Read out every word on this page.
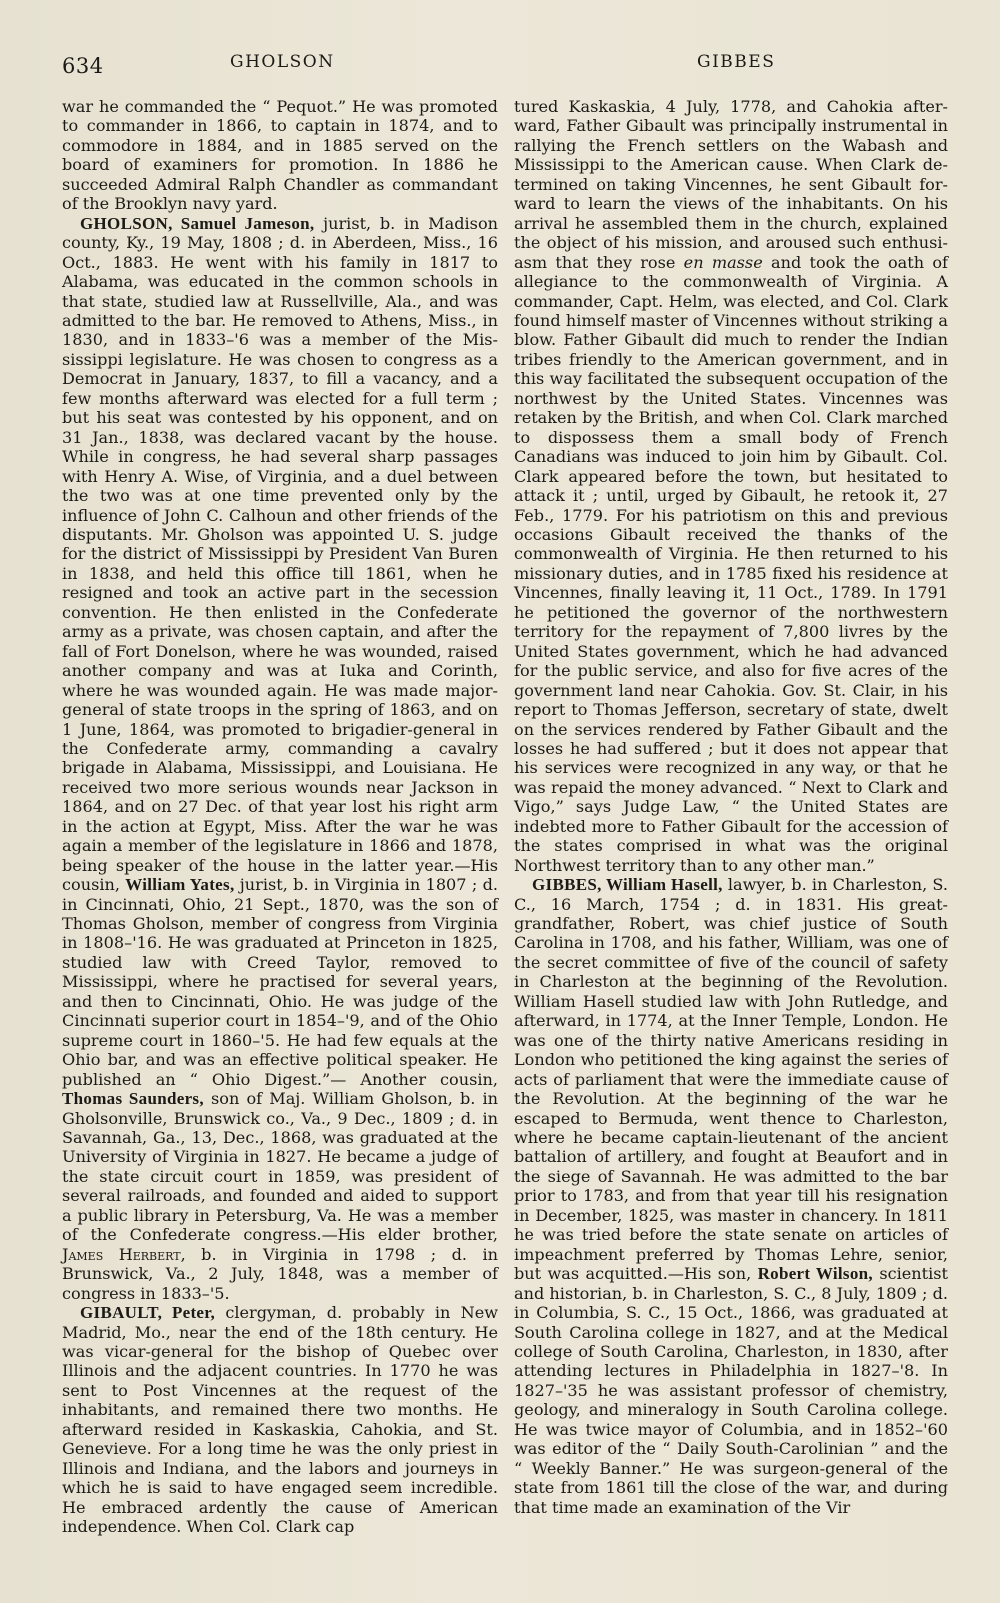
634	GHOLSON	GIBBES

war he commanded the “ Pequot.” He was promoted to commander in 1866, to captain in 1874, and to commodore in 1884, and in 1885 served on the board of examiners for promotion. In 1886 he succeeded Admiral Ralph Chandler as commandant of the Brooklyn navy yard.

GHOLSON, Samuel Jameson, jurist, b. in Madison county, Ky., 19 May, 1808 ; d. in Aberdeen, Miss., 16 Oct., 1883. He went with his family in 1817 to Alabama, was educated in the common schools in that state, studied law at Russellville, Ala., and was admitted to the bar. He removed to Athens, Miss., in 1830, and in 1833–'6 was a member of the Mississippi legislature. He was chosen to congress as a Democrat in January, 1837, to fill a vacancy, and a few months afterward was elected for a full term ; but his seat was contested by his opponent, and on 31 Jan., 1838, was declared vacant by the house. While in congress, he had several sharp passages with Henry A. Wise, of Virginia, and a duel between the two was at one time prevented only by the influence of John C. Calhoun and other friends of the disputants. Mr. Gholson was appointed U. S. judge for the district of Mississippi by President Van Buren in 1838, and held this office till 1861, when he resigned and took an active part in the secession convention. He then enlisted in the Confederate army as a private, was chosen captain, and after the fall of Fort Donelson, where he was wounded, raised another company and was at Iuka and Corinth, where he was wounded again. He was made major-general of state troops in the spring of 1863, and on 1 June, 1864, was promoted to brigadier-general in the Confederate army, commanding a cavalry brigade in Alabama, Mississippi, and Louisiana. He received two more serious wounds near Jackson in 1864, and on 27 Dec. of that year lost his right arm in the action at Egypt, Miss. After the war he was again a member of the legislature in 1866 and 1878, being speaker of the house in the latter year.—His cousin, William Yates, jurist, b. in Virginia in 1807 ; d. in Cincinnati, Ohio, 21 Sept., 1870, was the son of Thomas Gholson, member of congress from Virginia in 1808–'16. He was graduated at Princeton in 1825, studied law with Creed Taylor, removed to Mississippi, where he practised for several years, and then to Cincinnati, Ohio. He was judge of the Cincinnati superior court in 1854–'9, and of the Ohio supreme court in 1860–'5. He had few equals at the Ohio bar, and was an effective political speaker. He published an “ Ohio Digest.”— Another cousin, Thomas Saunders, son of Maj. William Gholson, b. in Gholsonville, Brunswick co., Va., 9 Dec., 1809 ; d. in Savannah, Ga., 13, Dec., 1868, was graduated at the University of Virginia in 1827. He became a judge of the state circuit court in 1859, was president of several railroads, and founded and aided to support a public library in Petersburg, Va. He was a member of the Confederate congress.—His elder brother, James Herbert, b. in Virginia in 1798 ; d. in Brunswick, Va., 2 July, 1848, was a member of congress in 1833–'5.

GIBAULT, Peter, clergyman, d. probably in New Madrid, Mo., near the end of the 18th century. He was vicar-general for the bishop of Quebec over Illinois and the adjacent countries. In 1770 he was sent to Post Vincennes at the request of the inhabitants, and remained there two months. He afterward resided in Kaskaskia, Cahokia, and St. Genevieve. For a long time he was the only priest in Illinois and Indiana, and the labors and journeys in which he is said to have engaged seem incredible. He embraced ardently the cause of American independence. When Col. Clark cap

tured Kaskaskia, 4 July, 1778, and Cahokia afterward, Father Gibault was principally instrumental in rallying the French settlers on the Wabash and Mississippi to the American cause. When Clark determined on taking Vincennes, he sent Gibault forward to learn the views of the inhabitants. On his arrival he assembled them in the church, explained the object of his mission, and aroused such enthusiasm that they rose en masse and took the oath of allegiance to the commonwealth of Virginia. A commander, Capt. Helm, was elected, and Col. Clark found himself master of Vincennes without striking a blow. Father Gibault did much to render the Indian tribes friendly to the American government, and in this way facilitated the subsequent occupation of the northwest by the United States. Vincennes was retaken by the British, and when Col. Clark marched to dispossess them a small body of French Canadians was induced to join him by Gibault. Col. Clark appeared before the town, but hesitated to attack it ; until, urged by Gibault, he retook it, 27 Feb., 1779. For his patriotism on this and previous occasions Gibault received the thanks of the commonwealth of Virginia. He then returned to his missionary duties, and in 1785 fixed his residence at Vincennes, finally leaving it, 11 Oct., 1789. In 1791 he petitioned the governor of the northwestern territory for the repayment of 7,800 livres by the United States government, which he had advanced for the public service, and also for five acres of the government land near Cahokia. Gov. St. Clair, in his report to Thomas Jefferson, secretary of state, dwelt on the services rendered by Father Gibault and the losses he had suffered ; but it does not appear that his services were recognized in any way, or that he was repaid the money advanced. “ Next to Clark and Vigo,” says Judge Law, “ the United States are indebted more to Father Gibault for the accession of the states comprised in what was the original Northwest territory than to any other man.”

GIBBES, William Hasell, lawyer, b. in Charleston, S. C., 16 March, 1754 ; d. in 1831. His great-grandfather, Robert, was chief justice of South Carolina in 1708, and his father, William, was one of the secret committee of five of the council of safety in Charleston at the beginning of the Revolution. William Hasell studied law with John Rutledge, and afterward, in 1774, at the Inner Temple, London. He was one of the thirty native Americans residing in London who petitioned the king against the series of acts of parliament that were the immediate cause of the Revolution. At the beginning of the war he escaped to Bermuda, went thence to Charleston, where he became captain-lieutenant of the ancient battalion of artillery, and fought at Beaufort and in the siege of Savannah. He was admitted to the bar prior to 1783, and from that year till his resignation in December, 1825, was master in chancery. In 1811 he was tried before the state senate on articles of impeachment preferred by Thomas Lehre, senior, but was acquitted.—His son, Robert Wilson, scientist and historian, b. in Charleston, S. C., 8 July, 1809 ; d. in Columbia, S. C., 15 Oct., 1866, was graduated at South Carolina college in 1827, and at the Medical college of South Carolina, Charleston, in 1830, after attending lectures in Philadelphia in 1827–'8. In 1827–'35 he was assistant professor of chemistry, geology, and mineralogy in South Carolina college. He was twice mayor of Columbia, and in 1852–'60 was editor of the “ Daily South-Carolinian ” and the “ Weekly Banner.” He was surgeon-general of the state from 1861 till the close of the war, and during that time made an examination of the Vir
